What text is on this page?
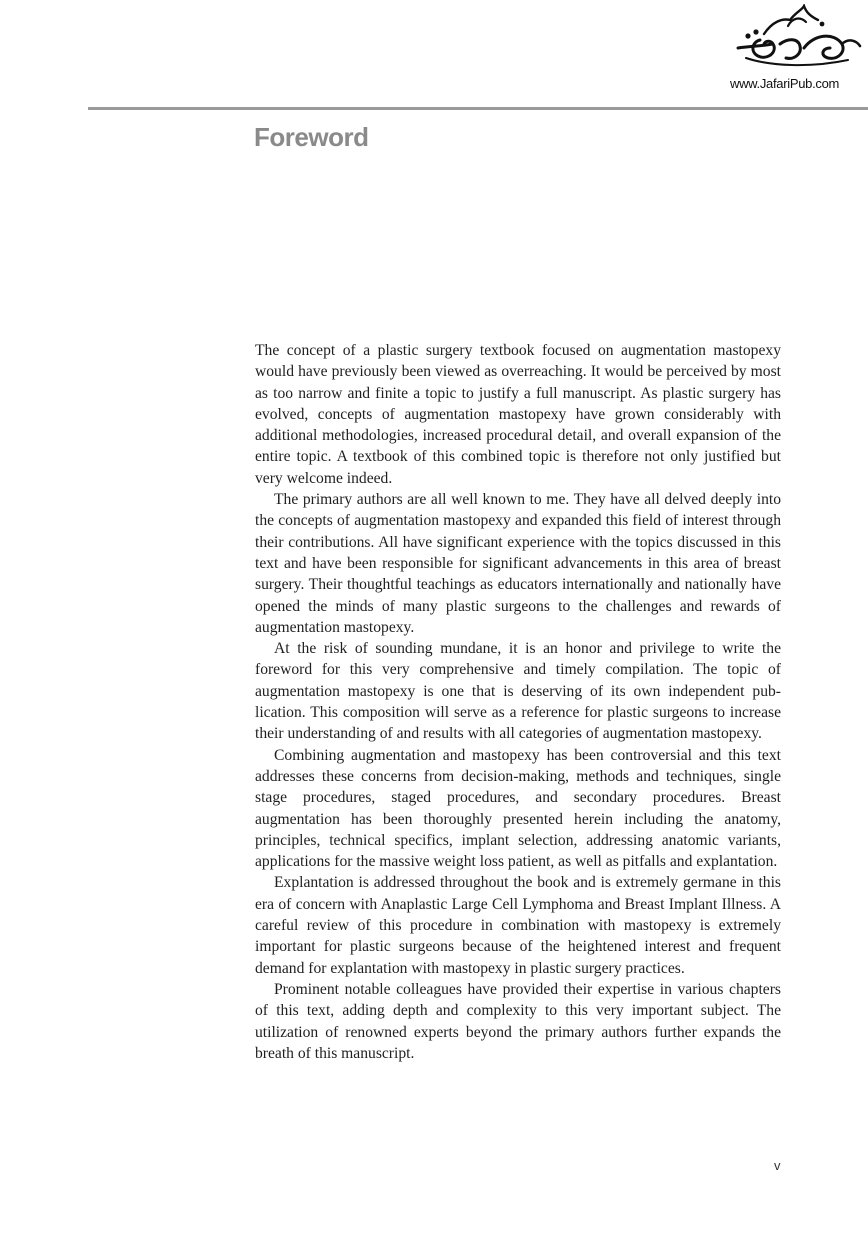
www.JafariPub.com
Foreword

The concept of a plastic surgery textbook focused on augmentation mastopexy would have previously been viewed as overreaching. It would be perceived by most as too narrow and finite a topic to justify a full manuscript. As plastic surgery has evolved, concepts of augmentation mastopexy have grown considerably with additional methodologies, increased procedural detail, and overall expansion of the entire topic. A textbook of this combined topic is therefore not only justified but very welcome indeed.

The primary authors are all well known to me. They have all delved deeply into the concepts of augmentation mastopexy and expanded this field of interest through their contributions. All have significant experience with the topics discussed in this text and have been responsible for significant advancements in this area of breast surgery. Their thoughtful teachings as educators internationally and nationally have opened the minds of many plastic surgeons to the challenges and rewards of augmentation mastopexy.

At the risk of sounding mundane, it is an honor and privilege to write the foreword for this very comprehensive and timely compilation. The topic of augmentation mastopexy is one that is deserving of its own independent publication. This composition will serve as a reference for plastic surgeons to increase their understanding of and results with all categories of augmentation mastopexy.

Combining augmentation and mastopexy has been controversial and this text addresses these concerns from decision-making, methods and techniques, single stage procedures, staged procedures, and secondary procedures. Breast augmentation has been thoroughly presented herein including the anatomy, principles, technical specifics, implant selection, addressing anatomic variants, applications for the massive weight loss patient, as well as pitfalls and explantation.

Explantation is addressed throughout the book and is extremely germane in this era of concern with Anaplastic Large Cell Lymphoma and Breast Implant Illness. A careful review of this procedure in combination with mastopexy is extremely important for plastic surgeons because of the heightened interest and frequent demand for explantation with mastopexy in plastic surgery practices.

Prominent notable colleagues have provided their expertise in various chapters of this text, adding depth and complexity to this very important subject. The utilization of renowned experts beyond the primary authors further expands the breath of this manuscript.

v
